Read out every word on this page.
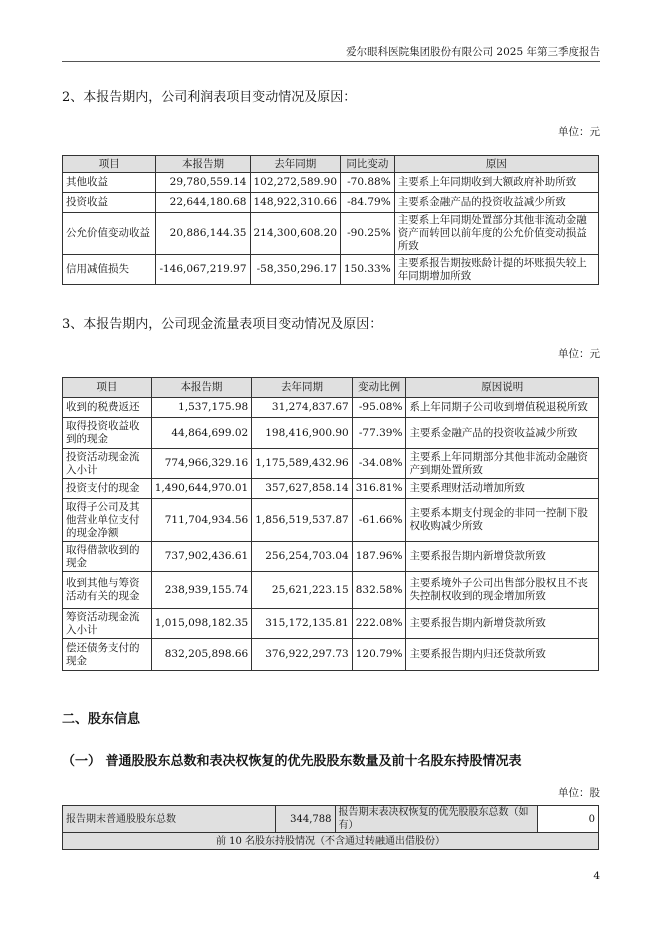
爱尔眼科医院集团股份有限公司 2025 年第三季度报告
2、本报告期内，公司利润表项目变动情况及原因：
单位：元
项目	本报告期	去年同期	同比变动	原因
其他收益	29,780,559.14	102,272,589.90	-70.88%	主要系上年同期收到大额政府补助所致
投资收益	22,644,180.68	148,922,310.66	-84.79%	主要系金融产品的投资收益减少所致
公允价值变动收益	20,886,144.35	214,300,608.20	-90.25%	主要系上年同期处置部分其他非流动金融资产而转回以前年度的公允价值变动损益所致
信用减值损失	-146,067,219.97	-58,350,296.17	150.33%	主要系报告期按账龄计提的坏账损失较上年同期增加所致
3、本报告期内，公司现金流量表项目变动情况及原因：
单位：元
项目	本报告期	去年同期	变动比例	原因说明
收到的税费返还	1,537,175.98	31,274,837.67	-95.08%	系上年同期子公司收到增值税退税所致
取得投资收益收到的现金	44,864,699.02	198,416,900.90	-77.39%	主要系金融产品的投资收益减少所致
投资活动现金流入小计	774,966,329.16	1,175,589,432.96	-34.08%	主要系上年同期部分其他非流动金融资产到期处置所致
投资支付的现金	1,490,644,970.01	357,627,858.14	316.81%	主要系理财活动增加所致
取得子公司及其他营业单位支付的现金净额	711,704,934.56	1,856,519,537.87	-61.66%	主要系本期支付现金的非同一控制下股权收购减少所致
取得借款收到的现金	737,902,436.61	256,254,703.04	187.96%	主要系报告期内新增贷款所致
收到其他与筹资活动有关的现金	238,939,155.74	25,621,223.15	832.58%	主要系境外子公司出售部分股权且不丧失控制权收到的现金增加所致
筹资活动现金流入小计	1,015,098,182.35	315,172,135.81	222.08%	主要系报告期内新增贷款所致
偿还债务支付的现金	832,205,898.66	376,922,297.73	120.79%	主要系报告期内归还贷款所致
二、股东信息
（一） 普通股股东总数和表决权恢复的优先股股东数量及前十名股东持股情况表
单位：股
报告期末普通股股东总数	344,788	报告期末表决权恢复的优先股股东总数（如有）	0
前 10 名股东持股情况（不含通过转融通出借股份）
4
